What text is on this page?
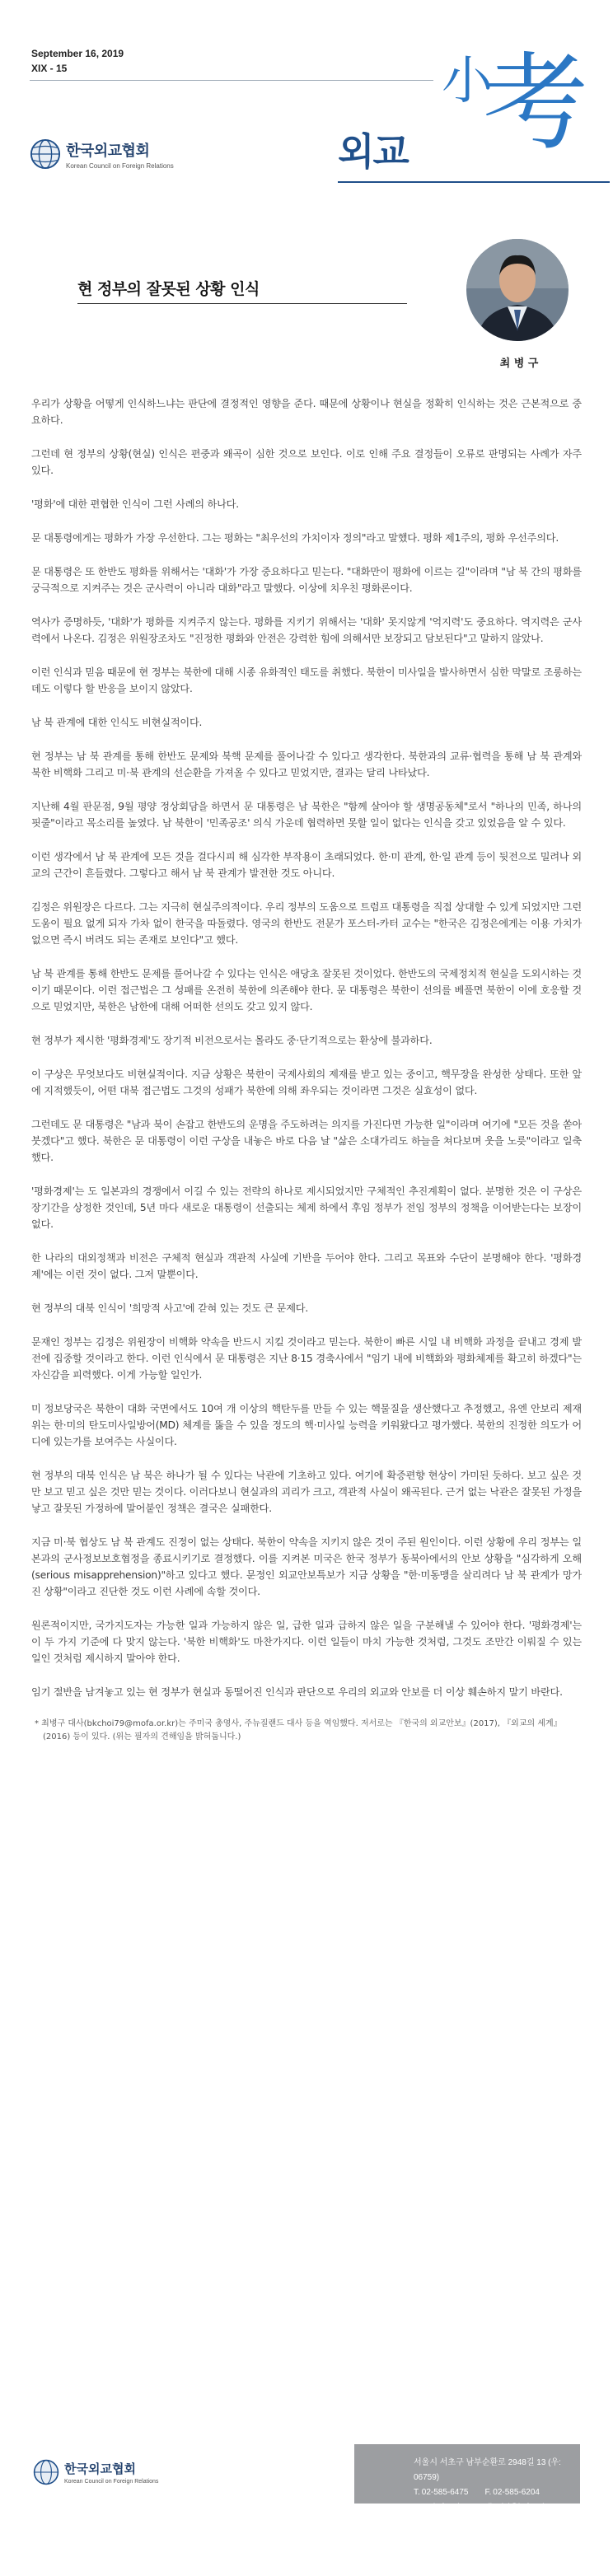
September 16, 2019
XIX - 15
한국외교협회
Korean Council on Foreign Relations	외교
小
考
현 정부의 잘못된 상황 인식
최 병 구

우리가 상황을 어떻게 인식하느냐는 판단에 결정적인 영향을 준다. 때문에 상황이나 현실을 정확히 인식하는 것은 근본적으로 중요하다.

그런데 현 정부의 상황(현실) 인식은 편중과 왜곡이 심한 것으로 보인다. 이로 인해 주요 결정들이 오류로 판명되는 사례가 자주 있다.

'평화'에 대한 편협한 인식이 그런 사례의 하나다.

문 대통령에게는 평화가 가장 우선한다. 그는 평화는 "최우선의 가치이자 정의"라고 말했다. 평화 제1주의, 평화 우선주의다.

문 대통령은 또 한반도 평화를 위해서는 '대화'가 가장 중요하다고 믿는다. "대화만이 평화에 이르는 길"이라며 "남 북 간의 평화를 궁극적으로 지켜주는 것은 군사력이 아니라 대화"라고 말했다. 이상에 치우친 평화론이다.

역사가 증명하듯, '대화'가 평화를 지켜주지 않는다. 평화를 지키기 위해서는 '대화' 못지않게 '억지력'도 중요하다. 역지력은 군사력에서 나온다. 김정은 위원장조차도 "진정한 평화와 안전은 강력한 힘에 의해서만 보장되고 담보된다"고 말하지 않았나.

이런 인식과 믿음 때문에 현 정부는 북한에 대해 시종 유화적인 태도를 취했다. 북한이 미사일을 발사하면서 심한 막말로 조롱하는데도 이렇다 할 반응을 보이지 않았다.

남 북 관계에 대한 인식도 비현실적이다.

현 정부는 남 북 관계를 통해 한반도 문제와 북핵 문제를 풀어나갈 수 있다고 생각한다. 북한과의 교류·협력을 통해 남 북 관계와 북한 비핵화 그리고 미·북 관계의 선순환을 가져올 수 있다고 믿었지만, 결과는 달리 나타났다.

지난해 4월 판문점, 9월 평양 정상회담을 하면서 문 대통령은 남 북한은 "함께 살아야 할 생명공동체"로서 "하나의 민족, 하나의 핏줄"이라고 목소리를 높였다. 남 북한이 '민족공조' 의식 가운데 협력하면 못할 일이 없다는 인식을 갖고 있었음을 알 수 있다.

이런 생각에서 남 북 관계에 모든 것을 걸다시피 해 심각한 부작용이 초래되었다. 한·미 관계, 한·일 관계 등이 뒷전으로 밀려나 외교의 근간이 흔들렸다. 그렇다고 해서 남 북 관계가 발전한 것도 아니다.

김정은 위원장은 다르다. 그는 지극히 현실주의적이다. 우리 정부의 도움으로 트럼프 대통령을 직접 상대할 수 있게 되었지만 그런 도움이 필요 없게 되자 가차 없이 한국을 따돌렸다. 영국의 한반도 전문가 포스터-카터 교수는 "한국은 김정은에게는 이용 가치가 없으면 즉시 버려도 되는 존재로 보인다"고 했다.

남 북 관계를 통해 한반도 문제를 풀어나갈 수 있다는 인식은 애당초 잘못된 것이었다. 한반도의 국제정치적 현실을 도외시하는 것이기 때문이다. 이런 접근법은 그 성패를 온전히 북한에 의존해야 한다. 문 대통령은 북한이 선의를 베풀면 북한이 이에 호응할 것으로 믿었지만, 북한은 남한에 대해 어떠한 선의도 갖고 있지 않다.

현 정부가 제시한 '평화경제'도 장기적 비전으로서는 몰라도 중·단기적으로는 환상에 불과하다.

이 구상은 무엇보다도 비현실적이다. 지금 상황은 북한이 국제사회의 제재를 받고 있는 중이고, 핵무장을 완성한 상태다. 또한 앞에 지적했듯이, 어떤 대북 접근법도 그것의 성패가 북한에 의해 좌우되는 것이라면 그것은 실효성이 없다.

그런데도 문 대통령은 "남과 북이 손잡고 한반도의 운명을 주도하려는 의지를 가진다면 가능한 일"이라며 여기에 "모든 것을 쏟아 붓겠다"고 했다. 북한은 문 대통령이 이런 구상을 내놓은 바로 다음 날 "삶은 소대가리도 하늘을 쳐다보며 웃을 노릇"이라고 일축했다.

'평화경제'는 도 일본과의 경쟁에서 이길 수 있는 전략의 하나로 제시되었지만 구체적인 추진계획이 없다. 분명한 것은 이 구상은 장기간을 상정한 것인데, 5년 마다 새로운 대통령이 선출되는 체제 하에서 후임 정부가 전임 정부의 정책을 이어받는다는 보장이 없다.

한 나라의 대외정책과 비전은 구체적 현실과 객관적 사실에 기반을 두어야 한다. 그리고 목표와 수단이 분명해야 한다. '평화경제'에는 이런 것이 없다. 그저 말뿐이다.

현 정부의 대북 인식이 '희망적 사고'에 갇혀 있는 것도 큰 문제다.

문재인 정부는 김정은 위원장이 비핵화 약속을 반드시 지킬 것이라고 믿는다. 북한이 빠른 시일 내 비핵화 과정을 끝내고 경제 발전에 집중할 것이라고 한다. 이런 인식에서 문 대통령은 지난 8·15 경축사에서 "임기 내에 비핵화와 평화체제를 확고히 하겠다"는 자신감을 피력했다. 이게 가능할 일인가.

미 정보당국은 북한이 대화 국면에서도 10여 개 이상의 핵탄두를 만들 수 있는 핵물질을 생산했다고 추정했고, 유엔 안보리 제재위는 한·미의 탄도미사일방어(MD) 체계를 뚫을 수 있을 정도의 핵·미사일 능력을 키워왔다고 평가했다. 북한의 진정한 의도가 어디에 있는가를 보여주는 사실이다.

현 정부의 대북 인식은 남 북은 하나가 될 수 있다는 낙관에 기초하고 있다. 여기에 확증편향 현상이 가미된 듯하다. 보고 싶은 것만 보고 믿고 싶은 것만 믿는 것이다. 이러다보니 현실과의 괴리가 크고, 객관적 사실이 왜곡된다. 근거 없는 낙관은 잘못된 가정을 낳고 잘못된 가정하에 말어붙인 정책은 결국은 실패한다.

지금 미·북 협상도 남 북 관계도 진정이 없는 상태다. 북한이 약속을 지키지 않은 것이 주된 원인이다. 이런 상황에 우리 정부는 일본과의 군사정보보호협정을 종료시키기로 결정했다. 이를 지켜본 미국은 한국 정부가 동북아에서의 안보 상황을 "심각하게 오해(serious misapprehension)"하고 있다고 했다. 문정인 외교안보특보가 지금 상황을 "한·미동맹을 살리려다 남 북 관계가 망가진 상황"이라고 진단한 것도 이런 사례에 속할 것이다.

원론적이지만, 국가지도자는 가능한 일과 가능하지 않은 일, 급한 일과 급하지 않은 일을 구분해낼 수 있어야 한다. '평화경제'는 이 두 가지 기준에 다 맞지 않는다. '북한 비핵화'도 마찬가지다. 이런 일들이 마치 가능한 것처럼, 그것도 조만간 이뤄질 수 있는 일인 것처럼 제시하지 말아야 한다.

임기 절반을 남겨놓고 있는 현 정부가 현실과 동떨어진 인식과 판단으로 우리의 외교와 안보를 더 이상 훼손하지 말기 바란다.

* 최병구 대사(bkchoi79@mofa.or.kr)는 주미국 총영사, 주뉴질랜드 대사 등을 역임했다. 저서로는 『한국의 외교안보』(2017), 『외교의 세계』(2016) 등이 있다. (위는 필자의 견해임을 밝혀둡니다.)

한국외교협회
Korean Council on Foreign Relations
서울시 서초구 남부순환로 2948길 13 (우: 06759)
T. 02-585-6475 F. 02-585-6204
www.kcfr.or.kr editorial@kcfr.or.kr
